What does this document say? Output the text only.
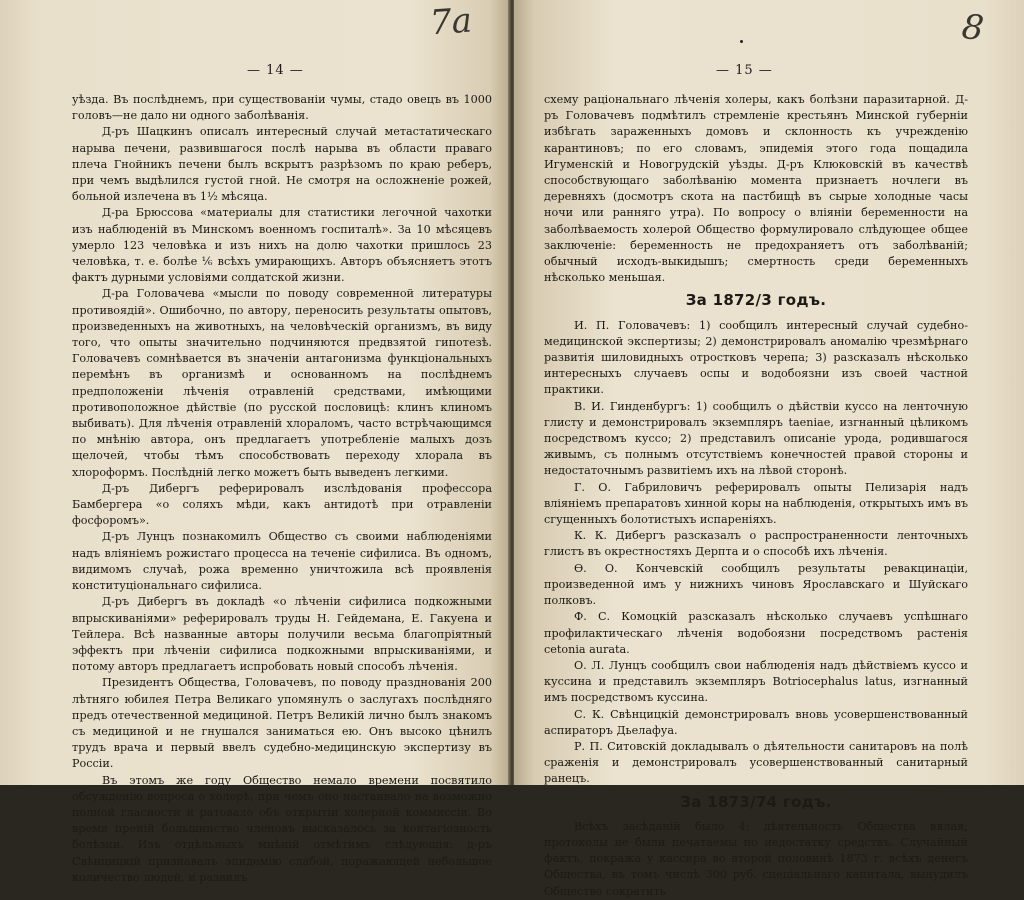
7а
— 14 —

уѣзда. Въ послѣднемъ, при существованіи чумы, стадо овецъ въ 1000 головъ—не дало ни одного заболѣванія.

Д-ръ Шацкинъ описалъ интересный случай метастатическаго нарыва печени, развившагося послѣ нарыва въ области праваго плеча Гнойникъ печени былъ вскрытъ разрѣзомъ по краю реберъ, при чемъ выдѣлился густой гной. Не смотря на осложненіе рожей, больной излечена въ 1½ мѣсяца.

Д-ра Брюссова «материалы для статистики легочной чахотки изъ наблюденій въ Минскомъ военномъ госпиталѣ». За 10 мѣсяцевъ умерло 123 человѣка и изъ нихъ на долю чахотки пришлось 23 человѣка, т. е. болѣе ⅙ всѣхъ умирающихъ. Авторъ объясняетъ этотъ фактъ дурными условіями солдатской жизни.

Д-ра Головачева «мысли по поводу современной литературы противоядій». Ошибочно, по автору, переносить результаты опытовъ, произведенныхъ на животныхъ, на человѣческій организмъ, въ виду того, что опыты значительно подчиняются предвзятой гипотезѣ. Головачевъ сомнѣвается въ значеніи антагонизма функціональныхъ перемѣнъ въ организмѣ и основанномъ на послѣднемъ предположеніи лѣченія отравленій средствами, имѣющими противоположное дѣйствіе (по русской пословицѣ: клинъ клиномъ выбивать). Для лѣченія отравленій хлораломъ, часто встрѣчающимся по мнѣнію автора, онъ предлагаетъ употребленіе малыхъ дозъ щелочей, чтобы тѣмъ способствовать переходу хлорала въ хлороформъ. Послѣдній легко можетъ быть выведенъ легкими.

Д-ръ Дибергъ реферировалъ изслѣдованія профессора Бамбергера «о соляхъ мѣди, какъ антидотѣ при отравленіи фосфоромъ».

Д-ръ Лунцъ познакомилъ Общество съ своими наблюденіями надъ вліяніемъ рожистаго процесса на теченіе сифилиса. Въ одномъ, видимомъ случаѣ, рожа временно уничтожила всѣ проявленія конституціональнаго сифилиса.

Д-ръ Дибергъ въ докладѣ «о лѣченіи сифилиса подкожными впрыскиваніями» реферировалъ труды Н. Гейдемана, Е. Гакуена и Тейлера. Всѣ названные авторы получили весьма благопріятный эффектъ при лѣченіи сифилиса подкожными впрыскиваніями, и потому авторъ предлагаетъ испробовать новый способъ лѣченія.

Президентъ Общества, Головачевъ, по поводу празднованія 200 лѣтняго юбилея Петра Великаго упомянулъ о заслугахъ послѣдняго предъ отечественной медициной. Петръ Великій лично былъ знакомъ съ медициной и не гнушался заниматься ею. Онъ высоко цѣнилъ трудъ врача и первый ввелъ судебно-медицинскую экспертизу въ Россіи.

Въ этомъ же году Общество немало времени посвятило обсужденію вопроса о холерѣ, при чемъ оно настаивало на возможно полной гласности и ратовало объ открытіи холерной коммиссіи. Во время преній большинство членовъ высказалось за контагіозность болѣзни. Изъ отдѣльныхъ мнѣній отмѣтимъ слѣдующія: д-ръ Свѣнцицкій признавалъ эпидемію слабой, поражающей небольшое количество людей, и развилъ

8
— 15 —

схему раціональнаго лѣченія холеры, какъ болѣзни паразитарной. Д-ръ Головачевъ подмѣтилъ стремленіе крестьянъ Минской губерніи избѣгать зараженныхъ домовъ и склонность къ учрежденію карантиновъ; по его словамъ, эпидемія этого года пощадила Игуменскій и Новогрудскій уѣзды. Д-ръ Клюковскій въ качествѣ способствующаго заболѣванію момента признаетъ ночлеги въ деревняхъ (досмотръ скота на пастбищѣ въ сырые холодные часы ночи или ранняго утра). По вопросу о вліяніи беременности на заболѣваемость холерой Общество формулировало слѣдующее общее заключеніе: беременность не предохраняетъ отъ заболѣваній; обычный исходъ-выкидышъ; смертность среди беременныхъ нѣсколько меньшая.

За 1872/3 годъ.

И. П. Головачевъ: 1) сообщилъ интересный случай судебно-медицинской экспертизы; 2) демонстрировалъ аномалію чрезмѣрнаго развитія шиловидныхъ отростковъ черепа; 3) разсказалъ нѣсколько интересныхъ случаевъ оспы и водобоязни изъ своей частной практики.

В. И. Гинденбургъ: 1) сообщилъ о дѣйствіи куссо на ленточную глисту и демонстрировалъ экземпляръ taeniae, изгнанный цѣликомъ посредствомъ куссо; 2) представилъ описаніе урода, родившагося живымъ, съ полнымъ отсутствіемъ конечностей правой стороны и недостаточнымъ развитіемъ ихъ на лѣвой сторонѣ.

Г. О. Габриловичъ реферировалъ опыты Пелизарія надъ вліяніемъ препаратовъ хинной коры на наблюденія, открытыхъ имъ въ сгущенныхъ болотистыхъ испареніяхъ.

К. К. Дибергъ разсказалъ о распространенности ленточныхъ глистъ въ окрестностяхъ Дерпта и о способѣ ихъ лѣченія.

Ѳ. О. Кончевскій сообщилъ результаты ревакцинаціи, произведенной имъ у нижнихъ чиновъ Ярославскаго и Шуйскаго полковъ.

Ф. С. Комоцкій разсказалъ нѣсколько случаевъ успѣшнаго профилактическаго лѣченія водобоязни посредствомъ растенія cetonia aurata.

О. Л. Лунцъ сообщилъ свои наблюденія надъ дѣйствіемъ куссо и куссина и представилъ экземпляръ Botriocephalus latus, изгнанный имъ посредствомъ куссина.

С. К. Свѣнцицкій демонстрировалъ вновь усовершенствованный аспираторъ Дьелафуа.

Р. П. Ситовскій докладывалъ о дѣятельности санитаровъ на полѣ сраженія и демонстрировалъ усовершенствованный санитарный ранецъ.

За 1873/74 годъ.

Всѣхъ засѣданій было 4; дѣятельность Общества вялая; протоколы не были печатаемы по недостатку средствъ. Случайный фактъ, покража у кассира во второй половинѣ 1873 г. всѣхъ денегъ Общества, въ томъ числѣ 300 руб. спеціальнаго капитала, вынудилъ Общество сократить
